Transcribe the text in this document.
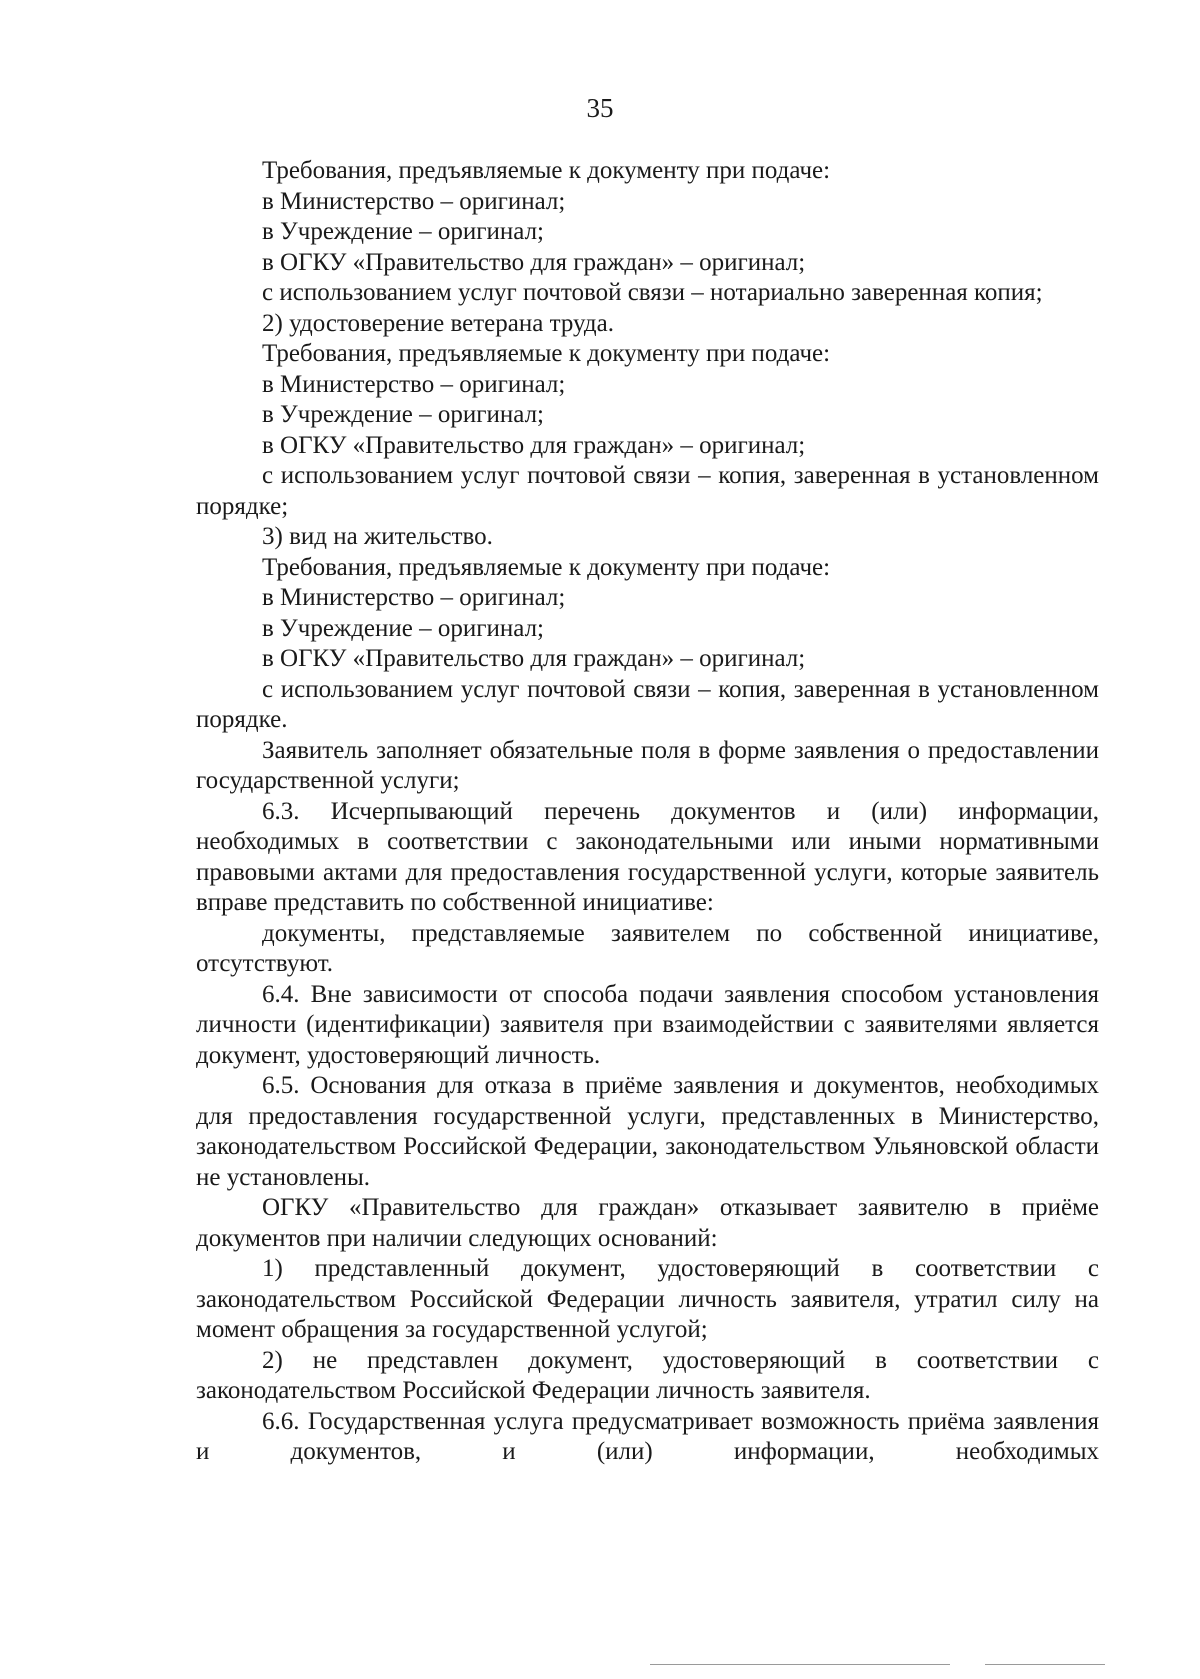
35

Требования, предъявляемые к документу при подаче:

в Министерство – оригинал;

в Учреждение – оригинал;

в ОГКУ «Правительство для граждан» – оригинал;

с использованием услуг почтовой связи – нотариально заверенная копия;

2) удостоверение ветерана труда.

Требования, предъявляемые к документу при подаче:

в Министерство – оригинал;

в Учреждение – оригинал;

в ОГКУ «Правительство для граждан» – оригинал;

с использованием услуг почтовой связи – копия, заверенная в установленном порядке;

3) вид на жительство.

Требования, предъявляемые к документу при подаче:

в Министерство – оригинал;

в Учреждение – оригинал;

в ОГКУ «Правительство для граждан» – оригинал;

с использованием услуг почтовой связи – копия, заверенная в установленном порядке.

Заявитель заполняет обязательные поля в форме заявления о предоставлении государственной услуги;

6.3. Исчерпывающий перечень документов и (или) информации, необходимых в соответствии с законодательными или иными нормативными правовыми актами для предоставления государственной услуги, которые заявитель вправе представить по собственной инициативе:

документы, представляемые заявителем по собственной инициативе, отсутствуют.

6.4. Вне зависимости от способа подачи заявления способом установления личности (идентификации) заявителя при взаимодействии с заявителями является документ, удостоверяющий личность.

6.5. Основания для отказа в приёме заявления и документов, необходимых для предоставления государственной услуги, представленных в Министерство, законодательством Российской Федерации, законодательством Ульяновской области не установлены.

ОГКУ «Правительство для граждан» отказывает заявителю в приёме документов при наличии следующих оснований:

1) представленный документ, удостоверяющий в соответствии с законодательством Российской Федерации личность заявителя, утратил силу на момент обращения за государственной услугой;

2) не представлен документ, удостоверяющий в соответствии с законодательством Российской Федерации личность заявителя.

6.6. Государственная услуга предусматривает возможность приёма заявления и документов, и (или) информации, необходимых
